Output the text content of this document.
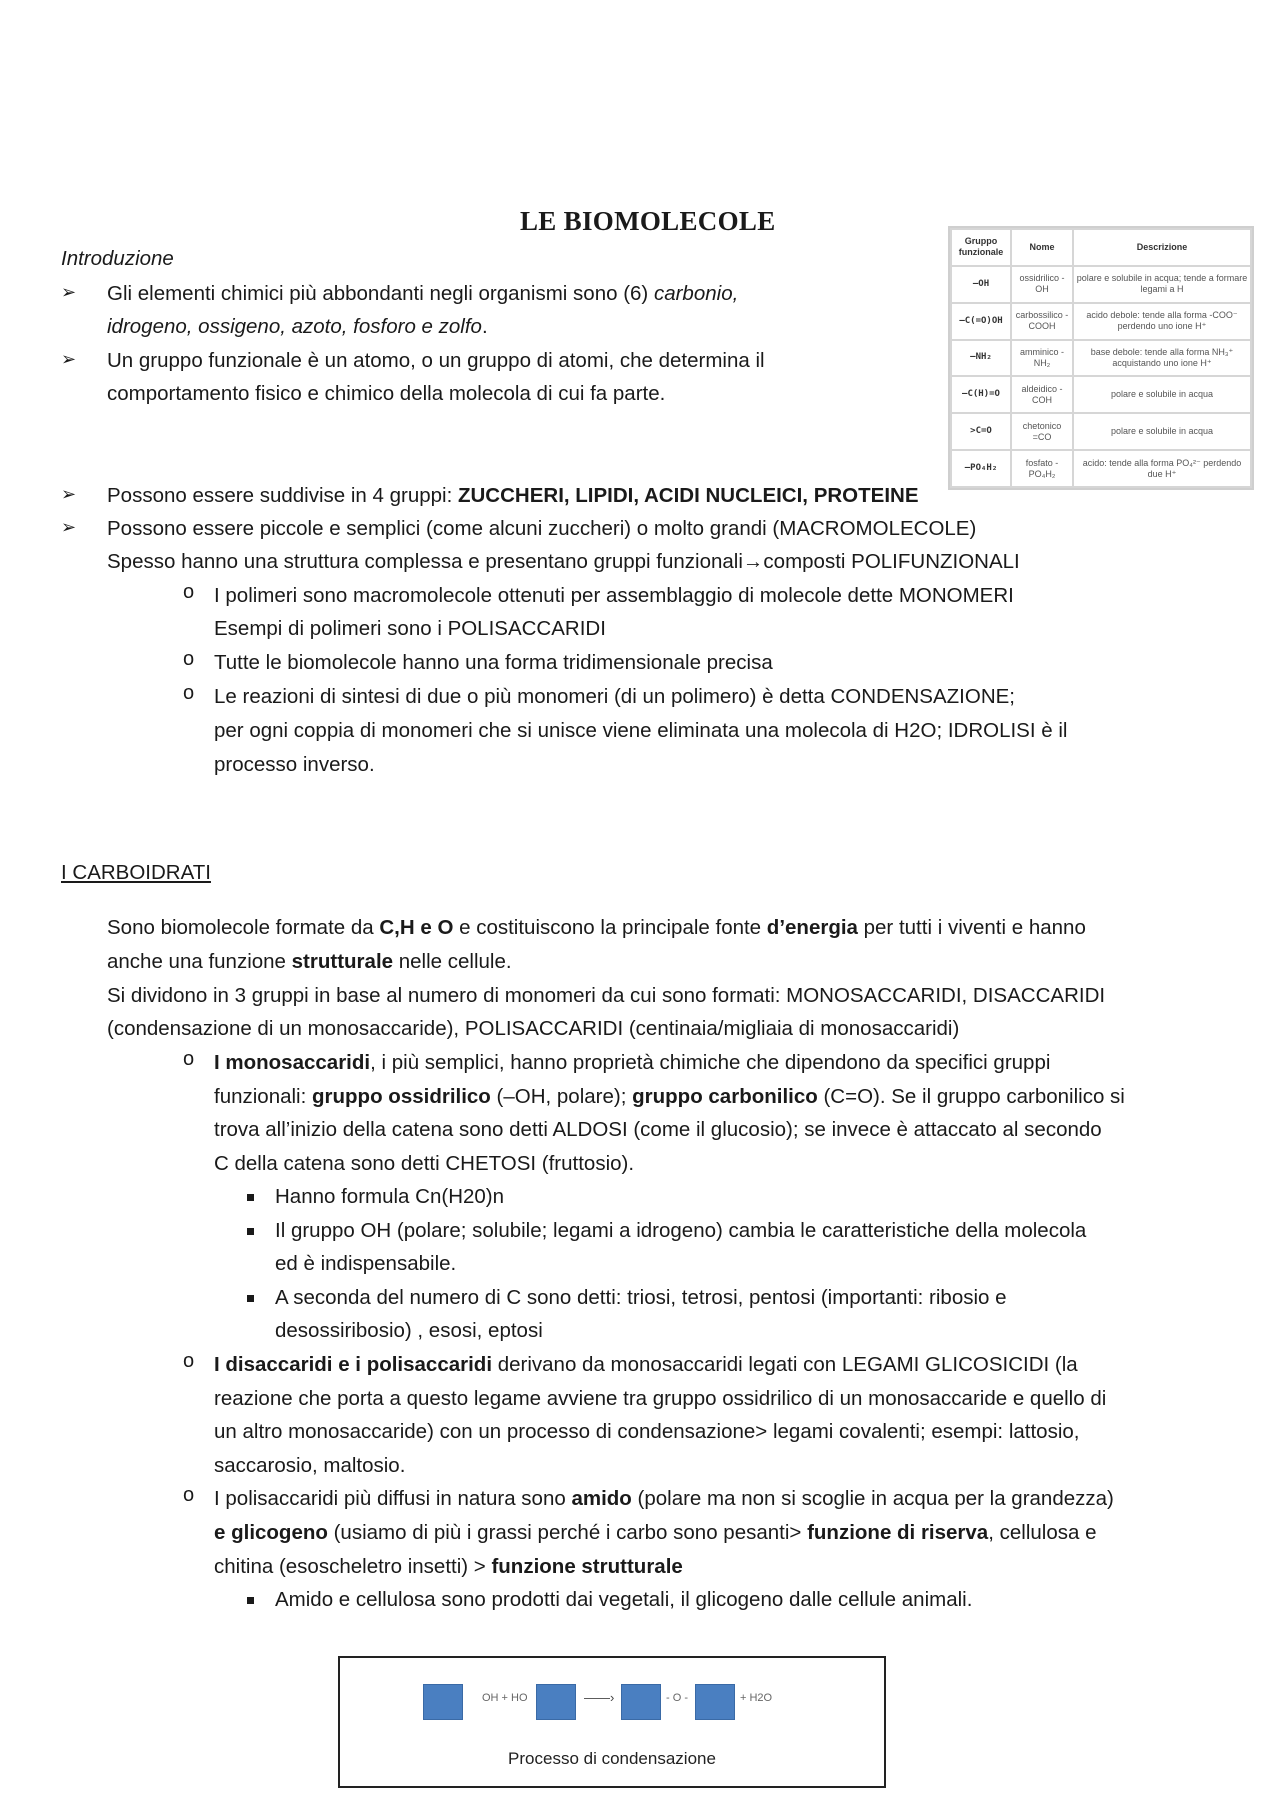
LE BIOMOLECOLE
Introduzione
➢ Gli elementi chimici più abbondanti negli organismi sono (6) carbonio,
idrogeno, ossigeno, azoto, fosforo e zolfo.
➢ Un gruppo funzionale è un atomo, o un gruppo di atomi, che determina il
comportamento fisico e chimico della molecola di cui fa parte.
Gruppo funzionale	Nome	Descrizione
—OH	ossidrilico - OH	polare e solubile in acqua; tende a formare legami a H
—C(=O)OH	carbossilico -COOH	acido debole: tende alla forma -COO⁻ perdendo uno ione H⁺
—NH₂	amminico - NH₂	base debole: tende alla forma NH₃⁺ acquistando uno ione H⁺
—C(H)=O	aldeidico - COH	polare e solubile in acqua
>C=O	chetonico =CO	polare e solubile in acqua
—PO₄H₂	fosfato - PO₄H₂	acido: tende alla forma PO₄²⁻ perdendo due H⁺
➢ Possono essere suddivise in 4 gruppi: ZUCCHERI, LIPIDI, ACIDI NUCLEICI, PROTEINE
➢ Possono essere piccole e semplici (come alcuni zuccheri) o molto grandi (MACROMOLECOLE)
Spesso hanno una struttura complessa e presentano gruppi funzionali→composti POLIFUNZIONALI
o I polimeri sono macromolecole ottenuti per assemblaggio di molecole dette MONOMERI
Esempi di polimeri sono i POLISACCARIDI
o Tutte le biomolecole hanno una forma tridimensionale precisa
o Le reazioni di sintesi di due o più monomeri (di un polimero) è detta CONDENSAZIONE;
per ogni coppia di monomeri che si unisce viene eliminata una molecola di H2O; IDROLISI è il
processo inverso.
I CARBOIDRATI
Sono biomolecole formate da C,H e O e costituiscono la principale fonte d’energia per tutti i viventi e hanno
anche una funzione strutturale nelle cellule.
Si dividono in 3 gruppi in base al numero di monomeri da cui sono formati: MONOSACCARIDI, DISACCARIDI
(condensazione di un monosaccaride), POLISACCARIDI (centinaia/migliaia di monosaccaridi)
o I monosaccaridi, i più semplici, hanno proprietà chimiche che dipendono da specifici gruppi
funzionali: gruppo ossidrilico (–OH, polare); gruppo carbonilico (C=O). Se il gruppo carbonilico si
trova all’inizio della catena sono detti ALDOSI (come il glucosio); se invece è attaccato al secondo
C della catena sono detti CHETOSI (fruttosio).
Hanno formula Cn(H20)n
Il gruppo OH (polare; solubile; legami a idrogeno) cambia le caratteristiche della molecola
ed è indispensabile.
A seconda del numero di C sono detti: triosi, tetrosi, pentosi (importanti: ribosio e
desossiribosio) , esosi, eptosi
o I disaccaridi e i polisaccaridi derivano da monosaccaridi legati con LEGAMI GLICOSICIDI (la
reazione che porta a questo legame avviene tra gruppo ossidrilico di un monosaccaride e quello di
un altro monosaccaride) con un processo di condensazione> legami covalenti; esempi: lattosio,
saccarosio, maltosio.
o I polisaccaridi più diffusi in natura sono amido (polare ma non si scoglie in acqua per la grandezza)
e glicogeno (usiamo di più i grassi perché i carbo sono pesanti> funzione di riserva, cellulosa e
chitina (esoscheletro insetti) > funzione strutturale
Amido e cellulosa sono prodotti dai vegetali, il glicogeno dalle cellule animali.
OH + HO	——›	- O -	+ H2O
Processo di condensazione
